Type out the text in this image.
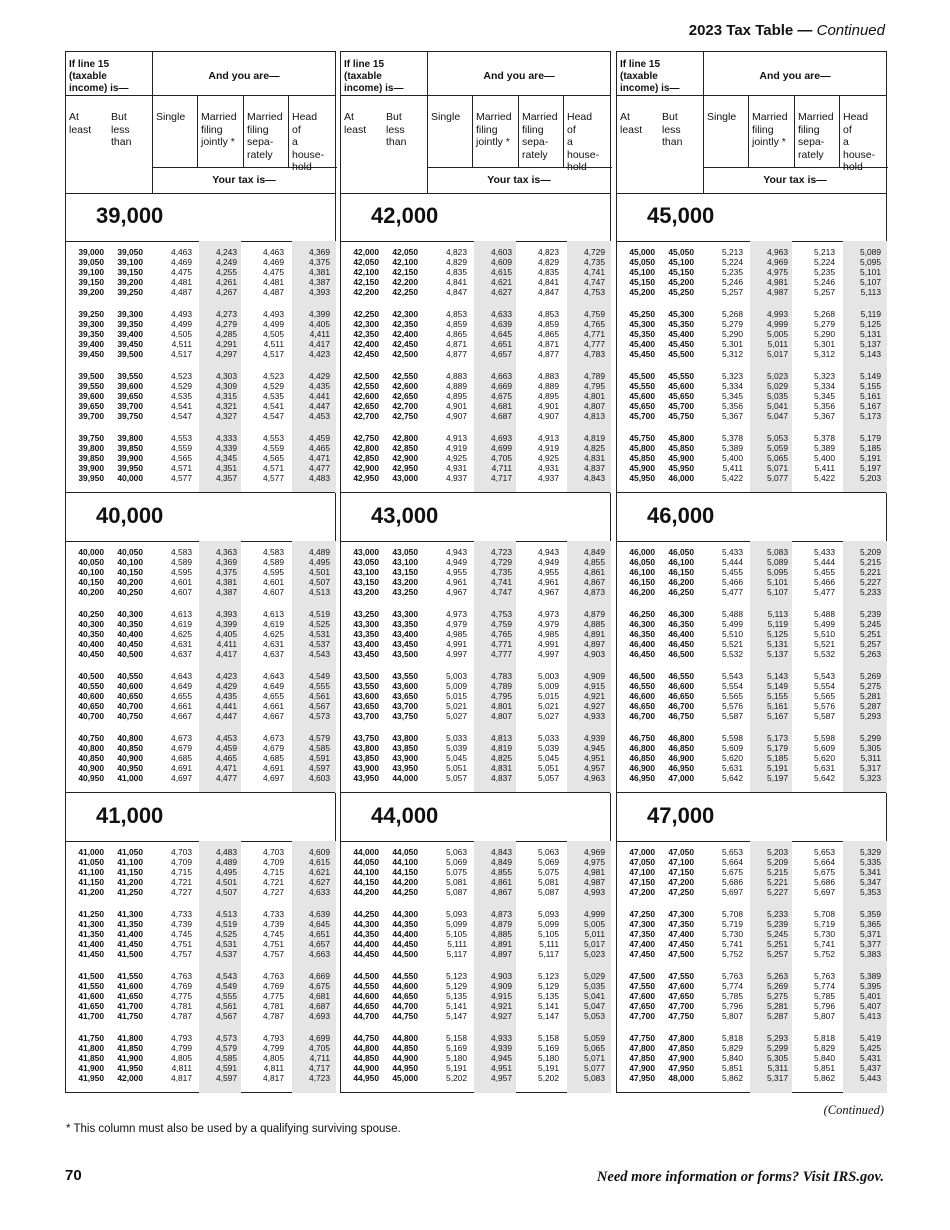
2023 Tax Table — Continued
If line 15 (taxable income) is—
And you are—
Your tax is—
At
least
But
less
than
Single Married
filing
jointly *
Married
filing
sepa-
rately
Head
of
a
house-
hold
39,000
39,000	39,050	4,463	4,243	4,463	4,369
39,050	39,100	4,469	4,249	4,469	4,375
39,100	39,150	4,475	4,255	4,475	4,381
39,150	39,200	4,481	4,261	4,481	4,387
39,200	39,250	4,487	4,267	4,487	4,393
39,250	39,300	4,493	4,273	4,493	4,399
39,300	39,350	4,499	4,279	4,499	4,405
39,350	39,400	4,505	4,285	4,505	4,411
39,400	39,450	4,511	4,291	4,511	4,417
39,450	39,500	4,517	4,297	4,517	4,423
39,500	39,550	4,523	4,303	4,523	4,429
39,550	39,600	4,529	4,309	4,529	4,435
39,600	39,650	4,535	4,315	4,535	4,441
39,650	39,700	4,541	4,321	4,541	4,447
39,700	39,750	4,547	4,327	4,547	4,453
39,750	39,800	4,553	4,333	4,553	4,459
39,800	39,850	4,559	4,339	4,559	4,465
39,850	39,900	4,565	4,345	4,565	4,471
39,900	39,950	4,571	4,351	4,571	4,477
39,950	40,000	4,577	4,357	4,577	4,483
40,000
40,000	40,050	4,583	4,363	4,583	4,489
40,050	40,100	4,589	4,369	4,589	4,495
40,100	40,150	4,595	4,375	4,595	4,501
40,150	40,200	4,601	4,381	4,601	4,507
40,200	40,250	4,607	4,387	4,607	4,513
40,250	40,300	4,613	4,393	4,613	4,519
40,300	40,350	4,619	4,399	4,619	4,525
40,350	40,400	4,625	4,405	4,625	4,531
40,400	40,450	4,631	4,411	4,631	4,537
40,450	40,500	4,637	4,417	4,637	4,543
40,500	40,550	4,643	4,423	4,643	4,549
40,550	40,600	4,649	4,429	4,649	4,555
40,600	40,650	4,655	4,435	4,655	4,561
40,650	40,700	4,661	4,441	4,661	4,567
40,700	40,750	4,667	4,447	4,667	4,573
40,750	40,800	4,673	4,453	4,673	4,579
40,800	40,850	4,679	4,459	4,679	4,585
40,850	40,900	4,685	4,465	4,685	4,591
40,900	40,950	4,691	4,471	4,691	4,597
40,950	41,000	4,697	4,477	4,697	4,603
41,000
41,000	41,050	4,703	4,483	4,703	4,609
41,050	41,100	4,709	4,489	4,709	4,615
41,100	41,150	4,715	4,495	4,715	4,621
41,150	41,200	4,721	4,501	4,721	4,627
41,200	41,250	4,727	4,507	4,727	4,633
41,250	41,300	4,733	4,513	4,733	4,639
41,300	41,350	4,739	4,519	4,739	4,645
41,350	41,400	4,745	4,525	4,745	4,651
41,400	41,450	4,751	4,531	4,751	4,657
41,450	41,500	4,757	4,537	4,757	4,663
41,500	41,550	4,763	4,543	4,763	4,669
41,550	41,600	4,769	4,549	4,769	4,675
41,600	41,650	4,775	4,555	4,775	4,681
41,650	41,700	4,781	4,561	4,781	4,687
41,700	41,750	4,787	4,567	4,787	4,693
41,750	41,800	4,793	4,573	4,793	4,699
41,800	41,850	4,799	4,579	4,799	4,705
41,850	41,900	4,805	4,585	4,805	4,711
41,900	41,950	4,811	4,591	4,811	4,717
41,950	42,000	4,817	4,597	4,817	4,723
If line 15 (taxable income) is—
And you are—
Your tax is—
At
least
But
less
than
Single Married
filing
jointly *
Married
filing
sepa-
rately
Head
of
a
house-
hold
42,000
42,000	42,050	4,823	4,603	4,823	4,729
42,050	42,100	4,829	4,609	4,829	4,735
42,100	42,150	4,835	4,615	4,835	4,741
42,150	42,200	4,841	4,621	4,841	4,747
42,200	42,250	4,847	4,627	4,847	4,753
42,250	42,300	4,853	4,633	4,853	4,759
42,300	42,350	4,859	4,639	4,859	4,765
42,350	42,400	4,865	4,645	4,865	4,771
42,400	42,450	4,871	4,651	4,871	4,777
42,450	42,500	4,877	4,657	4,877	4,783
42,500	42,550	4,883	4,663	4,883	4,789
42,550	42,600	4,889	4,669	4,889	4,795
42,600	42,650	4,895	4,675	4,895	4,801
42,650	42,700	4,901	4,681	4,901	4,807
42,700	42,750	4,907	4,687	4,907	4,813
42,750	42,800	4,913	4,693	4,913	4,819
42,800	42,850	4,919	4,699	4,919	4,825
42,850	42,900	4,925	4,705	4,925	4,831
42,900	42,950	4,931	4,711	4,931	4,837
42,950	43,000	4,937	4,717	4,937	4,843
43,000
43,000	43,050	4,943	4,723	4,943	4,849
43,050	43,100	4,949	4,729	4,949	4,855
43,100	43,150	4,955	4,735	4,955	4,861
43,150	43,200	4,961	4,741	4,961	4,867
43,200	43,250	4,967	4,747	4,967	4,873
43,250	43,300	4,973	4,753	4,973	4,879
43,300	43,350	4,979	4,759	4,979	4,885
43,350	43,400	4,985	4,765	4,985	4,891
43,400	43,450	4,991	4,771	4,991	4,897
43,450	43,500	4,997	4,777	4,997	4,903
43,500	43,550	5,003	4,783	5,003	4,909
43,550	43,600	5,009	4,789	5,009	4,915
43,600	43,650	5,015	4,795	5,015	4,921
43,650	43,700	5,021	4,801	5,021	4,927
43,700	43,750	5,027	4,807	5,027	4,933
43,750	43,800	5,033	4,813	5,033	4,939
43,800	43,850	5,039	4,819	5,039	4,945
43,850	43,900	5,045	4,825	5,045	4,951
43,900	43,950	5,051	4,831	5,051	4,957
43,950	44,000	5,057	4,837	5,057	4,963
44,000
44,000	44,050	5,063	4,843	5,063	4,969
44,050	44,100	5,069	4,849	5,069	4,975
44,100	44,150	5,075	4,855	5,075	4,981
44,150	44,200	5,081	4,861	5,081	4,987
44,200	44,250	5,087	4,867	5,087	4,993
44,250	44,300	5,093	4,873	5,093	4,999
44,300	44,350	5,099	4,879	5,099	5,005
44,350	44,400	5,105	4,885	5,105	5,011
44,400	44,450	5,111	4,891	5,111	5,017
44,450	44,500	5,117	4,897	5,117	5,023
44,500	44,550	5,123	4,903	5,123	5,029
44,550	44,600	5,129	4,909	5,129	5,035
44,600	44,650	5,135	4,915	5,135	5,041
44,650	44,700	5,141	4,921	5,141	5,047
44,700	44,750	5,147	4,927	5,147	5,053
44,750	44,800	5,158	4,933	5,158	5,059
44,800	44,850	5,169	4,939	5,169	5,065
44,850	44,900	5,180	4,945	5,180	5,071
44,900	44,950	5,191	4,951	5,191	5,077
44,950	45,000	5,202	4,957	5,202	5,083
If line 15 (taxable income) is—
And you are—
Your tax is—
At
least
But
less
than
Single Married
filing
jointly *
Married
filing
sepa-
rately
Head
of
a
house-
hold
45,000
45,000	45,050	5,213	4,963	5,213	5,089
45,050	45,100	5,224	4,969	5,224	5,095
45,100	45,150	5,235	4,975	5,235	5,101
45,150	45,200	5,246	4,981	5,246	5,107
45,200	45,250	5,257	4,987	5,257	5,113
45,250	45,300	5,268	4,993	5,268	5,119
45,300	45,350	5,279	4,999	5,279	5,125
45,350	45,400	5,290	5,005	5,290	5,131
45,400	45,450	5,301	5,011	5,301	5,137
45,450	45,500	5,312	5,017	5,312	5,143
45,500	45,550	5,323	5,023	5,323	5,149
45,550	45,600	5,334	5,029	5,334	5,155
45,600	45,650	5,345	5,035	5,345	5,161
45,650	45,700	5,356	5,041	5,356	5,167
45,700	45,750	5,367	5,047	5,367	5,173
45,750	45,800	5,378	5,053	5,378	5,179
45,800	45,850	5,389	5,059	5,389	5,185
45,850	45,900	5,400	5,065	5,400	5,191
45,900	45,950	5,411	5,071	5,411	5,197
45,950	46,000	5,422	5,077	5,422	5,203
46,000
46,000	46,050	5,433	5,083	5,433	5,209
46,050	46,100	5,444	5,089	5,444	5,215
46,100	46,150	5,455	5,095	5,455	5,221
46,150	46,200	5,466	5,101	5,466	5,227
46,200	46,250	5,477	5,107	5,477	5,233
46,250	46,300	5,488	5,113	5,488	5,239
46,300	46,350	5,499	5,119	5,499	5,245
46,350	46,400	5,510	5,125	5,510	5,251
46,400	46,450	5,521	5,131	5,521	5,257
46,450	46,500	5,532	5,137	5,532	5,263
46,500	46,550	5,543	5,143	5,543	5,269
46,550	46,600	5,554	5,149	5,554	5,275
46,600	46,650	5,565	5,155	5,565	5,281
46,650	46,700	5,576	5,161	5,576	5,287
46,700	46,750	5,587	5,167	5,587	5,293
46,750	46,800	5,598	5,173	5,598	5,299
46,800	46,850	5,609	5,179	5,609	5,305
46,850	46,900	5,620	5,185	5,620	5,311
46,900	46,950	5,631	5,191	5,631	5,317
46,950	47,000	5,642	5,197	5,642	5,323
47,000
47,000	47,050	5,653	5,203	5,653	5,329
47,050	47,100	5,664	5,209	5,664	5,335
47,100	47,150	5,675	5,215	5,675	5,341
47,150	47,200	5,686	5,221	5,686	5,347
47,200	47,250	5,697	5,227	5,697	5,353
47,250	47,300	5,708	5,233	5,708	5,359
47,300	47,350	5,719	5,239	5,719	5,365
47,350	47,400	5,730	5,245	5,730	5,371
47,400	47,450	5,741	5,251	5,741	5,377
47,450	47,500	5,752	5,257	5,752	5,383
47,500	47,550	5,763	5,263	5,763	5,389
47,550	47,600	5,774	5,269	5,774	5,395
47,600	47,650	5,785	5,275	5,785	5,401
47,650	47,700	5,796	5,281	5,796	5,407
47,700	47,750	5,807	5,287	5,807	5,413
47,750	47,800	5,818	5,293	5,818	5,419
47,800	47,850	5,829	5,299	5,829	5,425
47,850	47,900	5,840	5,305	5,840	5,431
47,900	47,950	5,851	5,311	5,851	5,437
47,950	48,000	5,862	5,317	5,862	5,443
(Continued)
* This column must also be used by a qualifying surviving spouse.
70	Need more information or forms? Visit IRS.gov.
